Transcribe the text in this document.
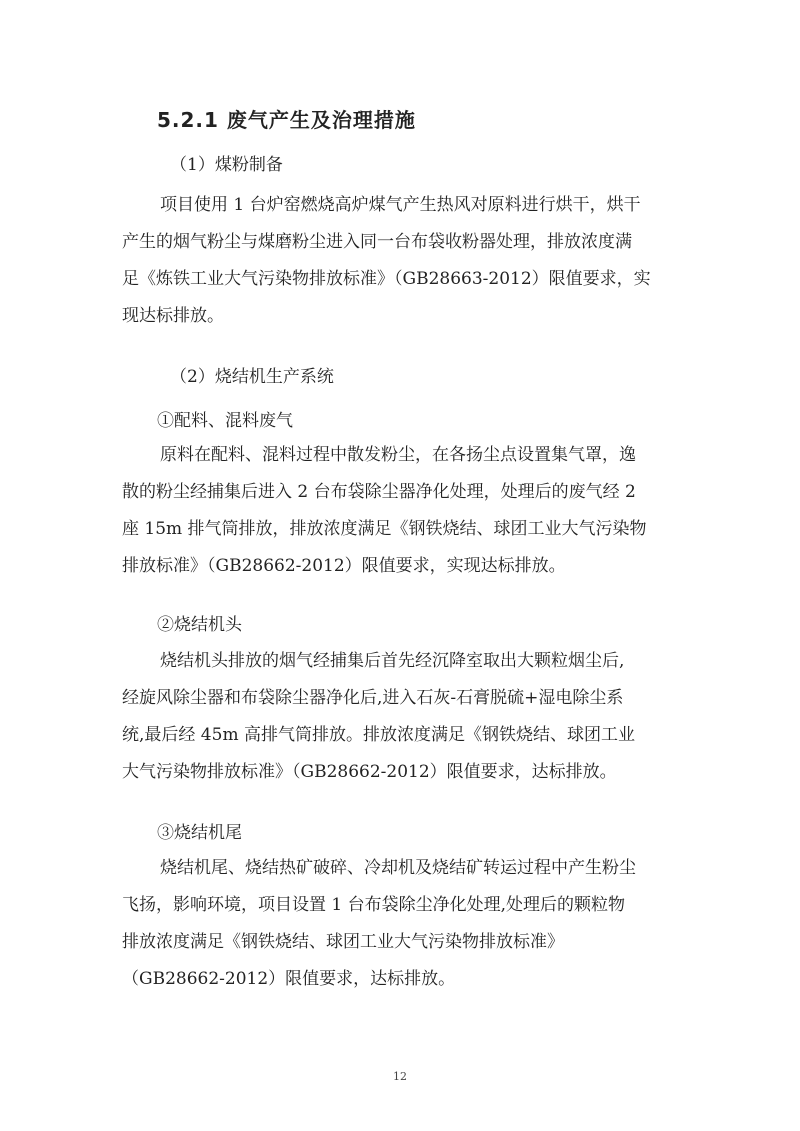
5.2.1 废气产生及治理措施
（1）煤粉制备

项目使用 1 台炉窑燃烧高炉煤气产生热风对原料进行烘干，烘干
产生的烟气粉尘与煤磨粉尘进入同一台布袋收粉器处理，排放浓度满
足《炼铁工业大气污染物排放标准》（GB28663-2012）限值要求，实
现达标排放。

（2）烧结机生产系统
①配料、混料废气

原料在配料、混料过程中散发粉尘，在各扬尘点设置集气罩，逸
散的粉尘经捕集后进入 2 台布袋除尘器净化处理，处理后的废气经 2
座 15m 排气筒排放，排放浓度满足《钢铁烧结、球团工业大气污染物
排放标准》（GB28662-2012）限值要求，实现达标排放。

②烧结机头

烧结机头排放的烟气经捕集后首先经沉降室取出大颗粒烟尘后,
经旋风除尘器和布袋除尘器净化后,进入石灰-石膏脱硫+湿电除尘系
统,最后经 45m 高排气筒排放。排放浓度满足《钢铁烧结、球团工业
大气污染物排放标准》（GB28662-2012）限值要求，达标排放。

③烧结机尾

烧结机尾、烧结热矿破碎、冷却机及烧结矿转运过程中产生粉尘
飞扬，影响环境，项目设置 1 台布袋除尘净化处理,处理后的颗粒物
排放浓度满足《钢铁烧结、球团工业大气污染物排放标准》
（GB28662-2012）限值要求，达标排放。

12
